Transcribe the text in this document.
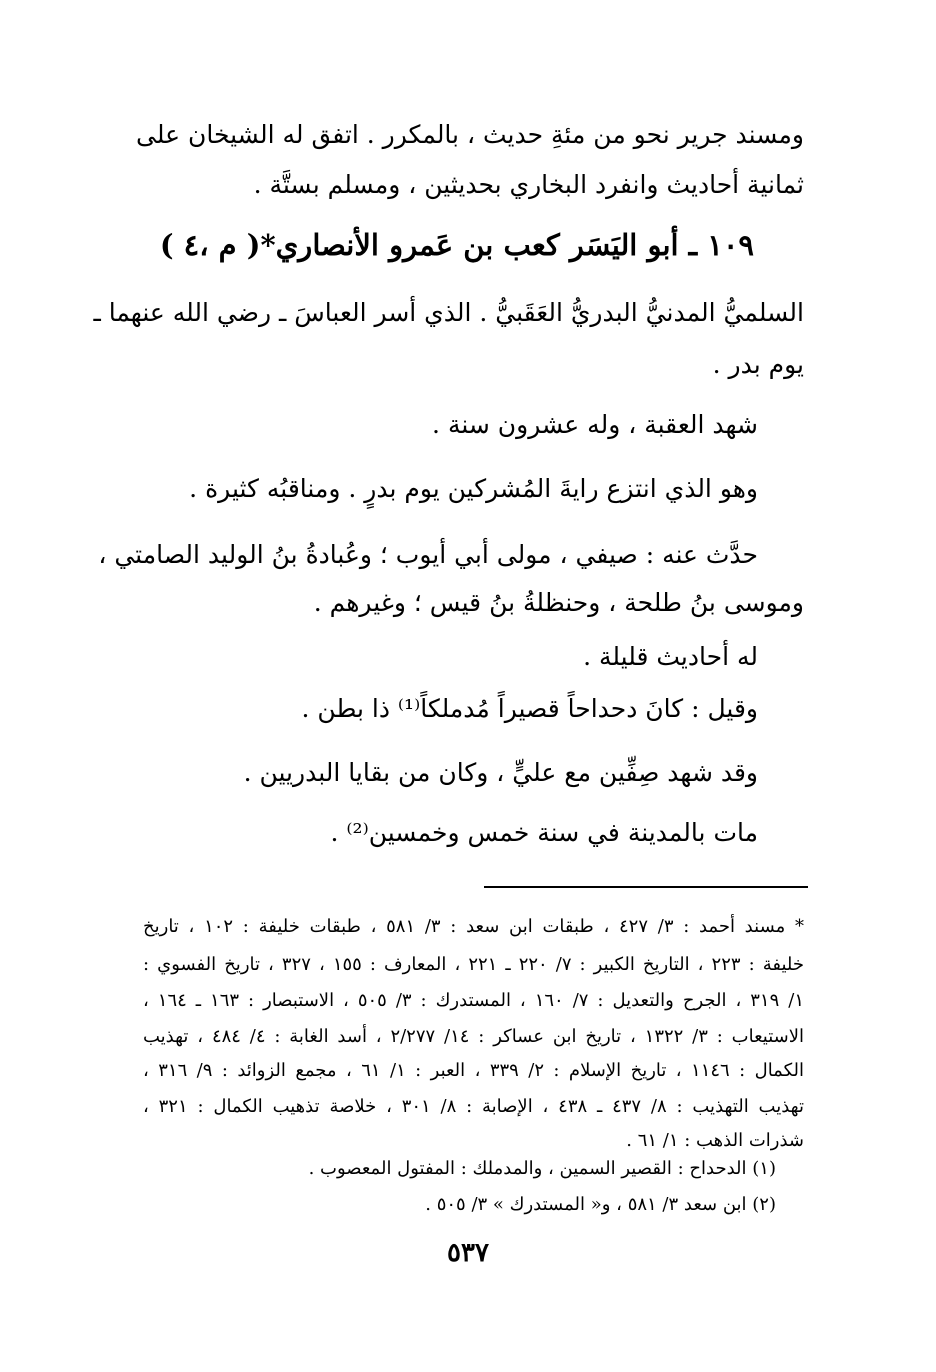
ومسند جرير نحو من مئةِ حديث ، بالمكرر . اتفق له الشيخان على
ثمانية أحاديث وانفرد البخاري بحديثين ، ومسلم بستَّة .
١٠٩ ـ أبو اليَسَر كعب بن عَمرو الأنصاري*( م ،٤ )
السلميُّ المدنيُّ البدريُّ العَقَبيُّ . الذي أسر العباسَ ـ رضي الله عنهما ـ
يوم بدر .
شهد العقبة ، وله عشرون سنة .
وهو الذي انتزع رايةَ المُشركين يوم بدرٍ . ومناقبُه كثيرة .
حدَّث عنه : صيفي ، مولى أبي أيوب ؛ وعُبادةُ بنُ الوليد الصامتي ،
وموسى بنُ طلحة ، وحنظلةُ بنُ قيس ؛ وغيرهم .
له أحاديث قليلة .
وقيل : كانَ دحداحاً قصيراً مُدملكاً⁽¹⁾ ذا بطن .
وقد شهد صِفِّين مع عليٍّ ، وكان من بقايا البدريين .
مات بالمدينة في سنة خمس وخمسين⁽²⁾ .
* مسند أحمد : ٣/ ٤٢٧ ، طبقات ابن سعد : ٣/ ٥٨١ ، طبقات خليفة : ١٠٢ ، تاريخ
خليفة : ٢٢٣ ، التاريخ الكبير : ٧/ ٢٢٠ ـ ٢٢١ ، المعارف : ١٥٥ ، ٣٢٧ ، تاريخ الفسوي :
١/ ٣١٩ ، الجرح والتعديل : ٧/ ١٦٠ ، المستدرك : ٣/ ٥٠٥ ، الاستبصار : ١٦٣ ـ ١٦٤ ،
الاستيعاب : ٣/ ١٣٢٢ ، تاريخ ابن عساكر : ١٤/ ٢/٢٧٧ ، أسد الغابة : ٤/ ٤٨٤ ، تهذيب
الكمال : ١١٤٦ ، تاريخ الإسلام : ٢/ ٣٣٩ ، العبر : ١/ ٦١ ، مجمع الزوائد : ٩/ ٣١٦ ،
تهذيب التهذيب : ٨/ ٤٣٧ ـ ٤٣٨ ، الإصابة : ٨/ ٣٠١ ، خلاصة تذهيب الكمال : ٣٢١ ،
شذرات الذهب : ١/ ٦١ .
(١) الدحداح : القصير السمين ، والمدملك : المفتول المعصوب .
(٢) ابن سعد ٣/ ٥٨١ ، و« المستدرك » ٣/ ٥٠٥ .
٥٣٧
